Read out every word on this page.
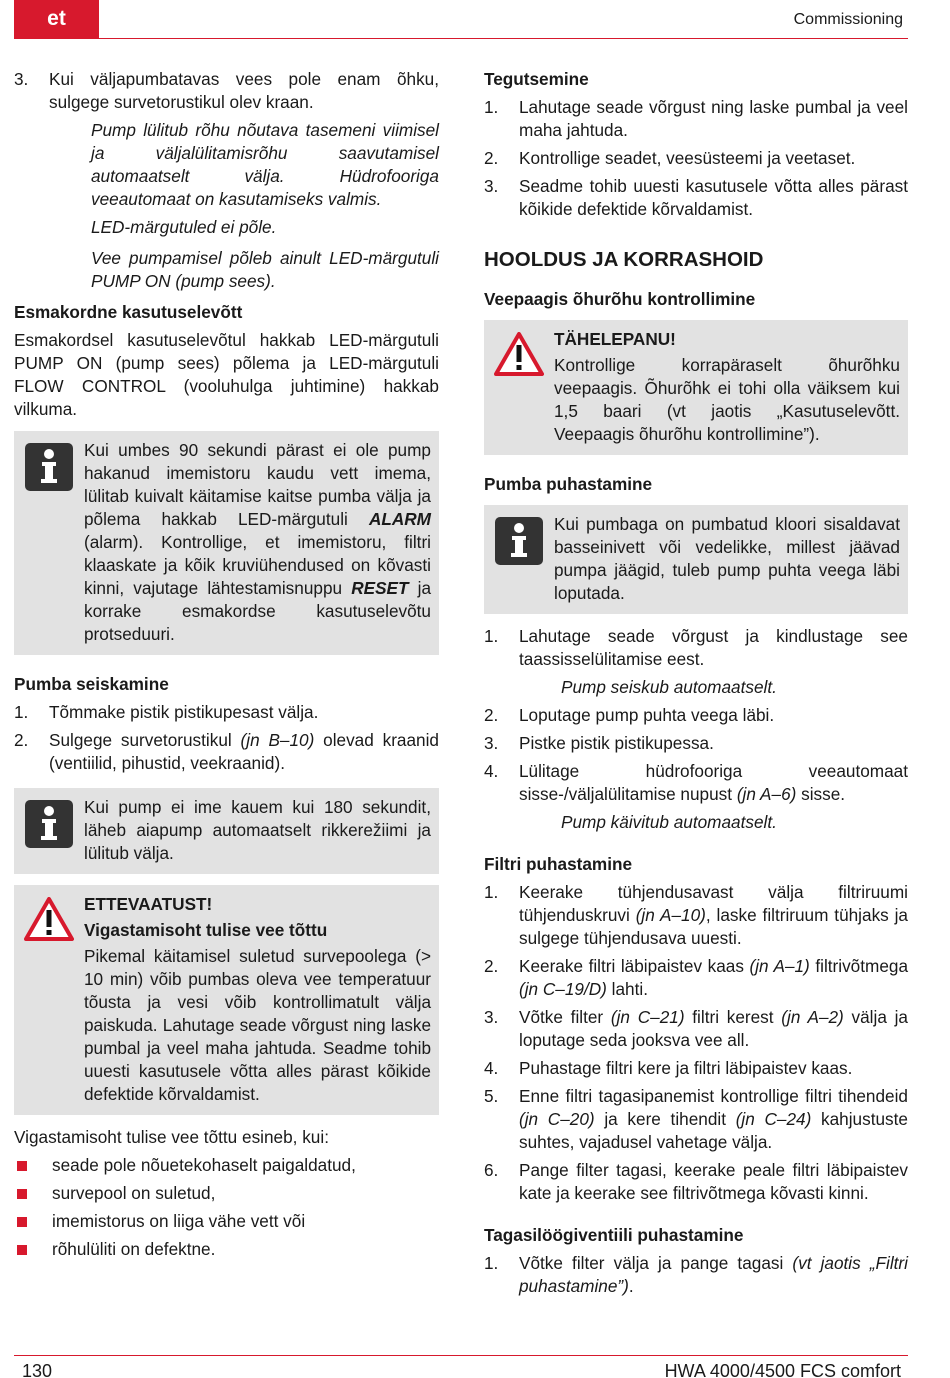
et	Commissioning
3. Kui väljapumbatavas vees pole enam õhku, sulgege survetorustikul olev kraan.

Pump lülitub rõhu nõutava tasemeni viimisel ja väljalülitamisrõhu saavutamisel automaatselt välja. Hüdrofooriga veeautomaat on kasutamiseks valmis.

LED-märgutuled ei põle.

Vee pumpamisel põleb ainult LED-märgutuli PUMP ON (pump sees).

Esmakordne kasutuselevõtt

Esmakordsel kasutuselevõtul hakkab LED-märgutuli PUMP ON (pump sees) põlema ja LED-märgutuli FLOW CONTROL (vooluhulga juhtimine) hakkab vilkuma.

Kui umbes 90 sekundi pärast ei ole pump hakanud imemistoru kaudu vett imema, lülitab kuivalt käitamise kaitse pumba välja ja põlema hakkab LED-märgutuli ALARM (alarm). Kontrollige, et imemistoru, filtri klaaskate ja kõik kruviühendused on kõvasti kinni, vajutage lähtestamisnuppu RESET ja korrake esmakordse kasutuselevõtu protseduuri.

Pumba seiskamine
1. Tõmmake pistik pistikupesast välja.
2. Sulgege survetorustikul (jn B–10) olevad kraanid (ventiilid, pihustid, veekraanid).

Kui pump ei ime kauem kui 180 sekundit, läheb aiapump automaatselt rikkerežiimi ja lülitub välja.

ETTEVAATUST!

Vigastamisoht tulise vee tõttu

Pikemal käitamisel suletud survepoolega (> 10 min) võib pumbas oleva vee temperatuur tõusta ja vesi võib kontrollimatult välja paiskuda. Lahutage seade võrgust ning laske pumbal ja veel maha jahtuda. Seadme tohib uuesti kasutusele võtta alles pärast kõikide defektide kõrvaldamist.

Vigastamisoht tulise vee tõttu esineb, kui:

seade pole nõuetekohaselt paigaldatud,
survepool on suletud,
imemistorus on liiga vähe vett või
rõhulüliti on defektne.
Tegutsemine
1. Lahutage seade võrgust ning laske pumbal ja veel maha jahtuda.
2. Kontrollige seadet, veesüsteemi ja veetaset.
3. Seadme tohib uuesti kasutusele võtta alles pärast kõikide defektide kõrvaldamist.
HOOLDUS JA KORRASHOID
Veepaagis õhurõhu kontrollimine

TÄHELEPANU!

Kontrollige korrapäraselt õhurõhku veepaagis. Õhurõhk ei tohi olla väiksem kui 1,5 baari (vt jaotis „Kasutuselevõtt. Veepaagis õhurõhu kontrollimine”).

Pumba puhastamine

Kui pumbaga on pumbatud kloori sisaldavat basseinivett või vedelikke, millest jäävad pumpa jäägid, tuleb pump puhta veega läbi loputada.

1. Lahutage seade võrgust ja kindlustage see taassisselülitamise eest.

Pump seiskub automaatselt.

2. Loputage pump puhta veega läbi.
3. Pistke pistik pistikupessa.
4. Lülitage hüdrofooriga veeautomaat sisse-/väljalülitamise nupust (jn A–6) sisse.

Pump käivitub automaatselt.

Filtri puhastamine
1. Keerake tühjendusavast välja filtriruumi tühjenduskruvi (jn A–10), laske filtriruum tühjaks ja sulgege tühjendusava uuesti.
2. Keerake filtri läbipaistev kaas (jn A–1) filtrivõtmega (jn C–19/D) lahti.
3. Võtke filter (jn C–21) filtri kerest (jn A–2) välja ja loputage seda jooksva vee all.
4. Puhastage filtri kere ja filtri läbipaistev kaas.
5. Enne filtri tagasipanemist kontrollige filtri tihendeid (jn C–20) ja kere tihendit (jn C–24) kahjustuste suhtes, vajadusel vahetage välja.
6. Pange filter tagasi, keerake peale filtri läbipaistev kate ja keerake see filtrivõtmega kõvasti kinni.
Tagasilöögiventiili puhastamine
1. Võtke filter välja ja pange tagasi (vt jaotis „Filtri puhastamine”).
130	HWA 4000/4500 FCS comfort
